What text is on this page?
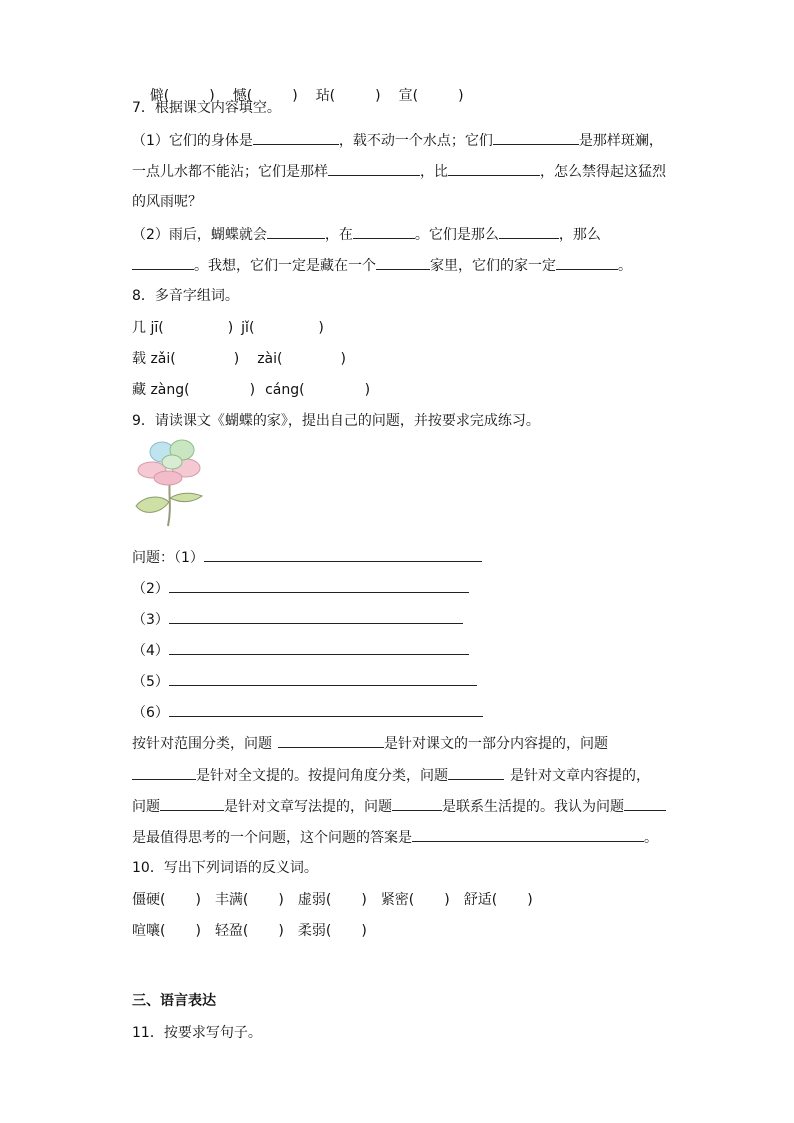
僻(	) 憾(	) 玷(	) 宣(	)

7．根据课文内容填空。
（1）它们的身体是	，载不动一个水点；它们	是那样斑斓，
一点儿水都不能沾；它们是那样	，比	，怎么禁得起这猛烈
的风雨呢？
（2）雨后，蝴蝶就会	，在	。它们是那么	，那么
。我想，它们一定是藏在一个	家里，它们的家一定	。
8．多音字组词。
几 jī(	) jǐ(	)
载 zǎi(	) zài(	)
藏 zàng(	) cáng(	)
9．请读课文《蝴蝶的家》，提出自己的问题，并按要求完成练习。
问题：（1）
（2）
（3）
（4）
（5）
（6）
按针对范围分类，问题	是针对课文的一部分内容提的，问题
是针对全文提的。按提问角度分类，问题	是针对文章内容提的，
问题	是针对文章写法提的，问题	是联系生活提的。我认为问题
是最值得思考的一个问题，这个问题的答案是	。
10．写出下列词语的反义词。
僵硬( ) 丰满( ) 虚弱( ) 紧密( ) 舒适( )
喧嚷( ) 轻盈( ) 柔弱( )
三、语言表达
11．按要求写句子。
